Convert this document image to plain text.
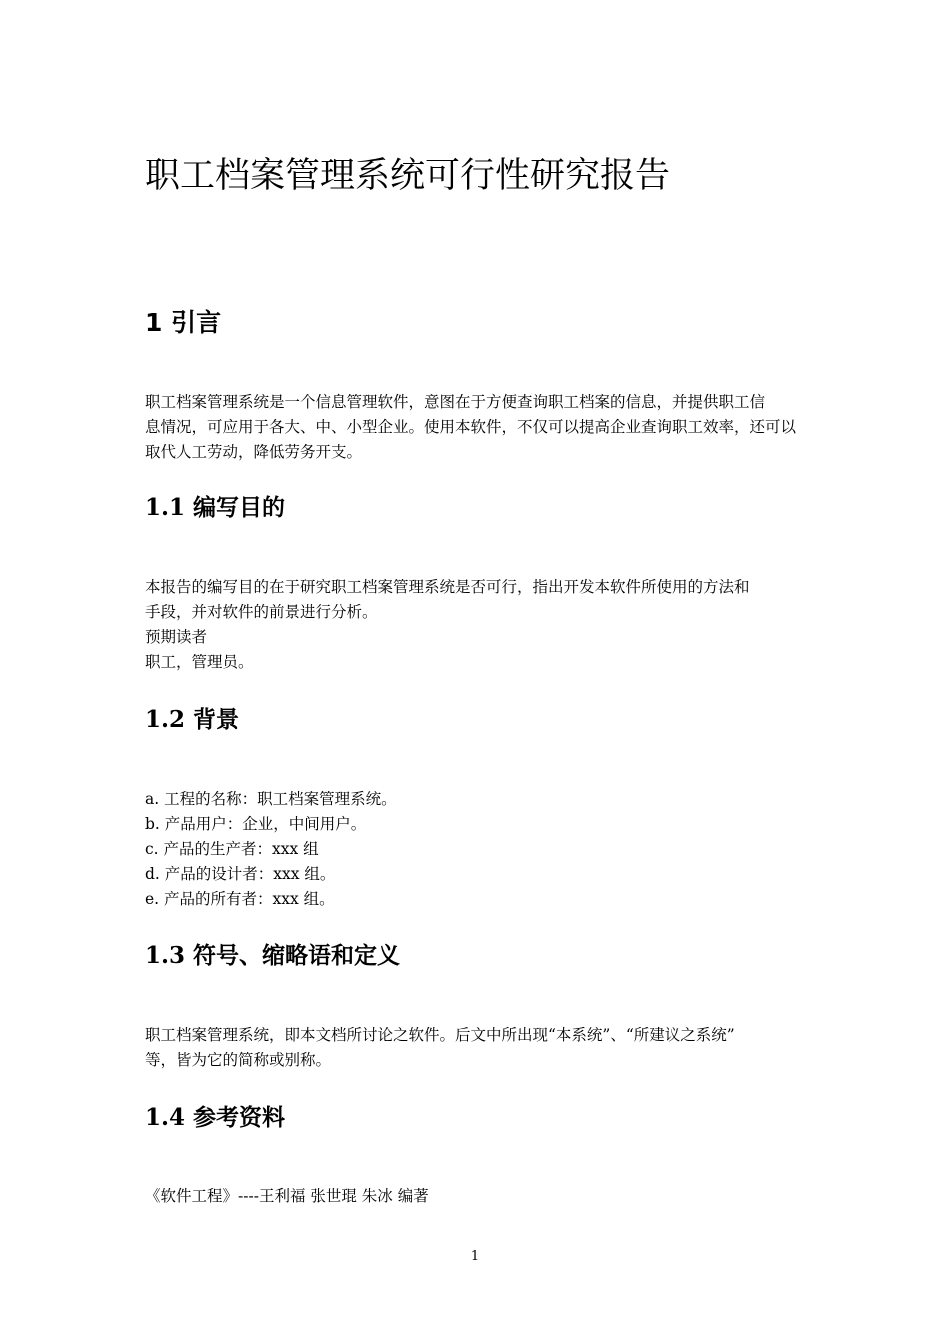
职工档案管理系统可行性研究报告
1 引言
职工档案管理系统是一个信息管理软件，意图在于方便查询职工档案的信息，并提供职工信
息情况，可应用于各大、中、小型企业。使用本软件，不仅可以提高企业查询职工效率，还可以
取代人工劳动，降低劳务开支。
1.1 编写目的
本报告的编写目的在于研究职工档案管理系统是否可行，指出开发本软件所使用的方法和
手段，并对软件的前景进行分析。
预期读者
职工，管理员。
1.2 背景
a. 工程的名称：职工档案管理系统。
b. 产品用户：企业，中间用户。
c. 产品的生产者：xxx 组
d. 产品的设计者：xxx 组。
e. 产品的所有者：xxx 组。
1.3 符号、缩略语和定义
职工档案管理系统，即本文档所讨论之软件。后文中所出现“本系统”、“所建议之系统”
等，皆为它的简称或别称。
1.4 参考资料
《软件工程》----王利福 张世琨 朱冰 编著
1
